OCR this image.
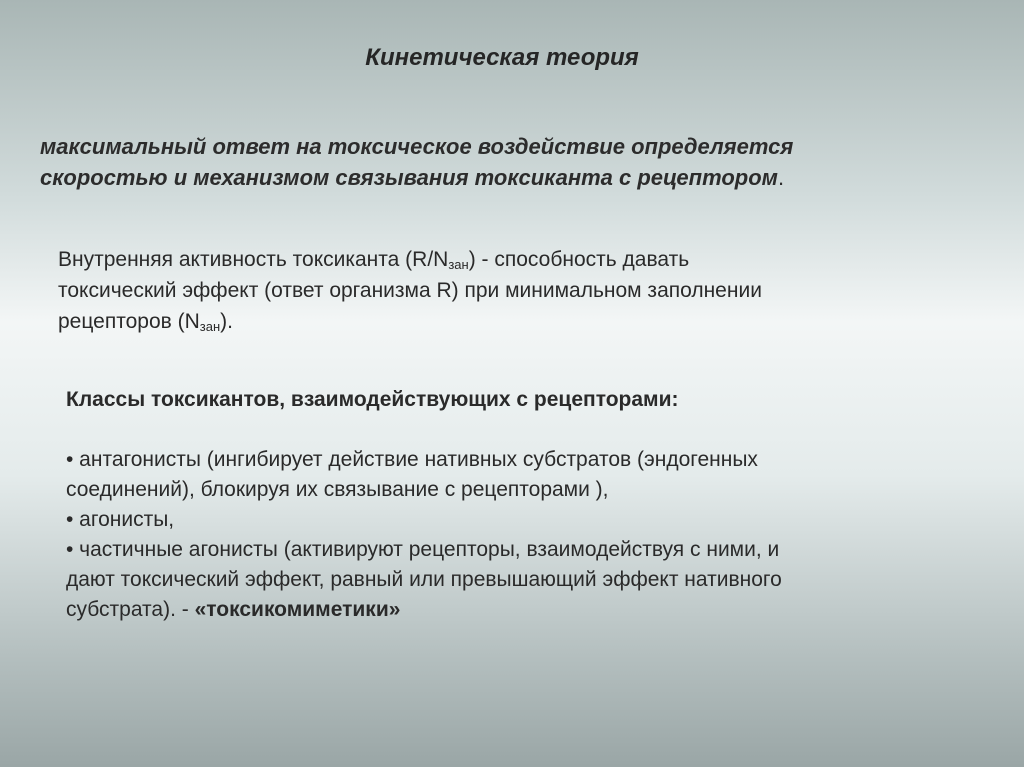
Кинетическая теория
максимальный ответ на токсическое воздействие определяется
скоростью и механизмом связывания токсиканта с рецептором.
Внутренняя активность токсиканта $(R/N_{зан})$ - способность давать
токсический эффект (ответ организма R) при минимальном заполнении
рецепторов $(N_{зан})$.
Классы токсикантов, взаимодействующих с рецепторами:
• антагонисты (ингибирует действие нативных субстратов (эндогенных
соединений), блокируя их связывание с рецепторами ),
• агонисты,
• частичные агонисты (активируют рецепторы, взаимодействуя с ними, и
дают токсический эффект, равный или превышающий эффект нативного
субстрата). - «токсикомиметики»
